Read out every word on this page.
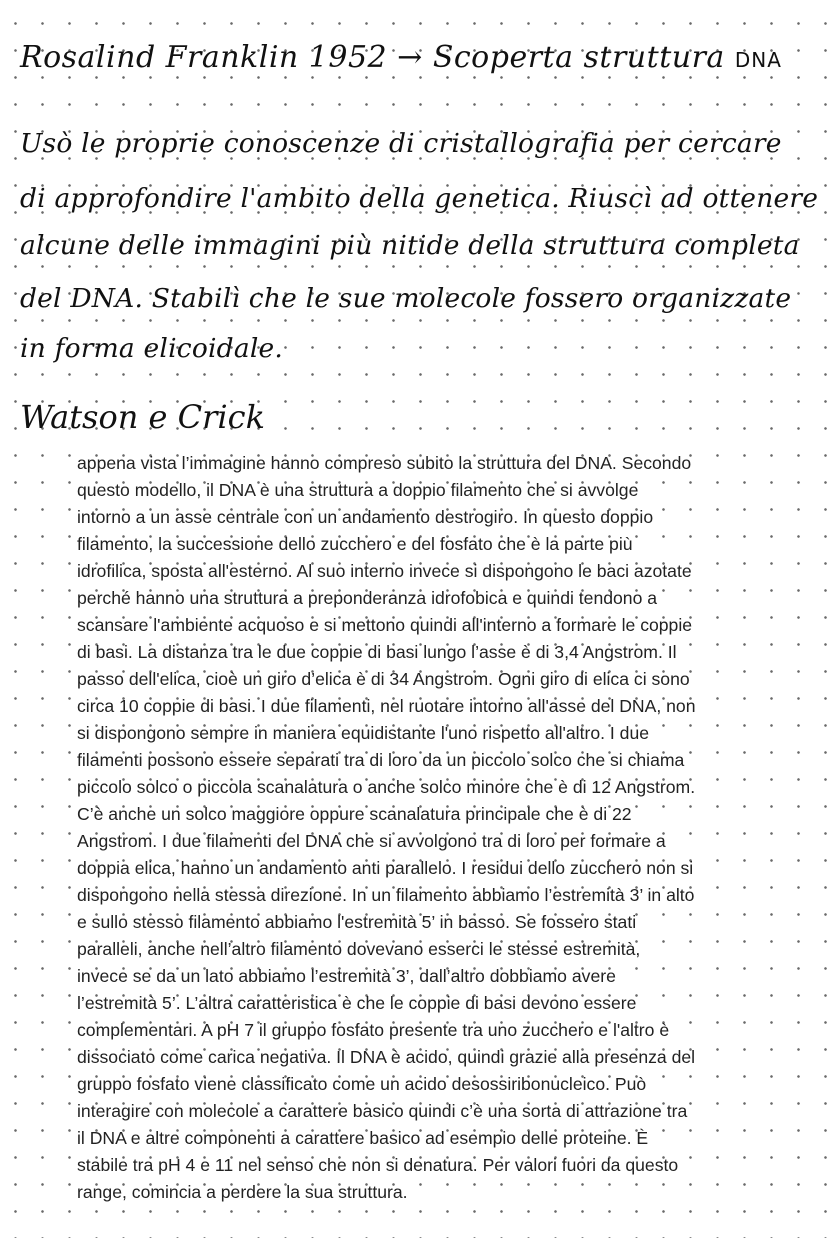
Rosalind Franklin 1952 → Scoperta struttura DNA
Usò le proprie conoscenze di cristallografia per cercare
di approfondire l'ambito della genetica. Riuscì ad ottenere
alcune delle immagini più nitide della struttura completa
del DNA. Stabilì che le sue molecole fossero organizzate
in forma elicoidale.
Watson e Crick
appena vista l’immagine hanno compreso subito la struttura del DNA. Secondo
questo modello, il DNA è una struttura a doppio filamento che si avvolge
intorno a un asse centrale con un andamento destrogiro. In questo doppio
filamento, la successione dello zucchero e del fosfato che è la parte più
idrofilica, sposta all'esterno. Al suo interno invece si dispongono le baci azotate
perché hanno una struttura a preponderanza idrofobica e quindi tendono a
scansare l'ambiente acquoso e si mettono quindi all'interno a formare le coppie
di basi. La distanza tra le due coppie di basi lungo l’asse è di 3,4 Angstrom. Il
passo dell'elica, cioè un giro d’elica è di 34 Angstrom. Ogni giro di elica ci sono
circa 10 coppie di basi. I due filamenti, nel ruotare intorno all'asse del DNA, non
si dispongono sempre in maniera equidistante l'uno rispetto all'altro. I due
filamenti possono essere separati tra di loro da un piccolo solco che si chiama
piccolo solco o piccola scanalatura o anche solco minore che è di 12 Angstrom.
C’è anche un solco maggiore oppure scanalatura principale che è di 22
Angstrom. I due filamenti del DNA che si avvolgono tra di loro per formare a
doppia elica, hanno un andamento anti parallelo. I residui dello zucchero non si
dispongono nella stessa direzione. In un filamento abbiamo l’estremità 3’ in alto
e sullo stesso filamento abbiamo l'estremità 5’ in basso. Se fossero stati
paralleli, anche nell’altro filamento dovevano esserci le stesse estremità,
invece se da un lato abbiamo l’estremità 3’, dall’altro dobbiamo avere
l’estremità 5’. L’altra caratteristica è che le coppie di basi devono essere
complementari. A pH 7 il gruppo fosfato presente tra uno zucchero e l'altro è
dissociato come carica negativa. Il DNA è acido, quindi grazie alla presenza del
gruppo fosfato viene classificato come un acido desossiribonucleico. Può
interagire con molecole a carattere basico quindi c’è una sorta di attrazione tra
il DNA e altre componenti a carattere basico ad esempio delle proteine. È
stabile tra pH 4 e 11 nel senso che non si denatura. Per valori fuori da questo
range, comincia a perdere la sua struttura.
